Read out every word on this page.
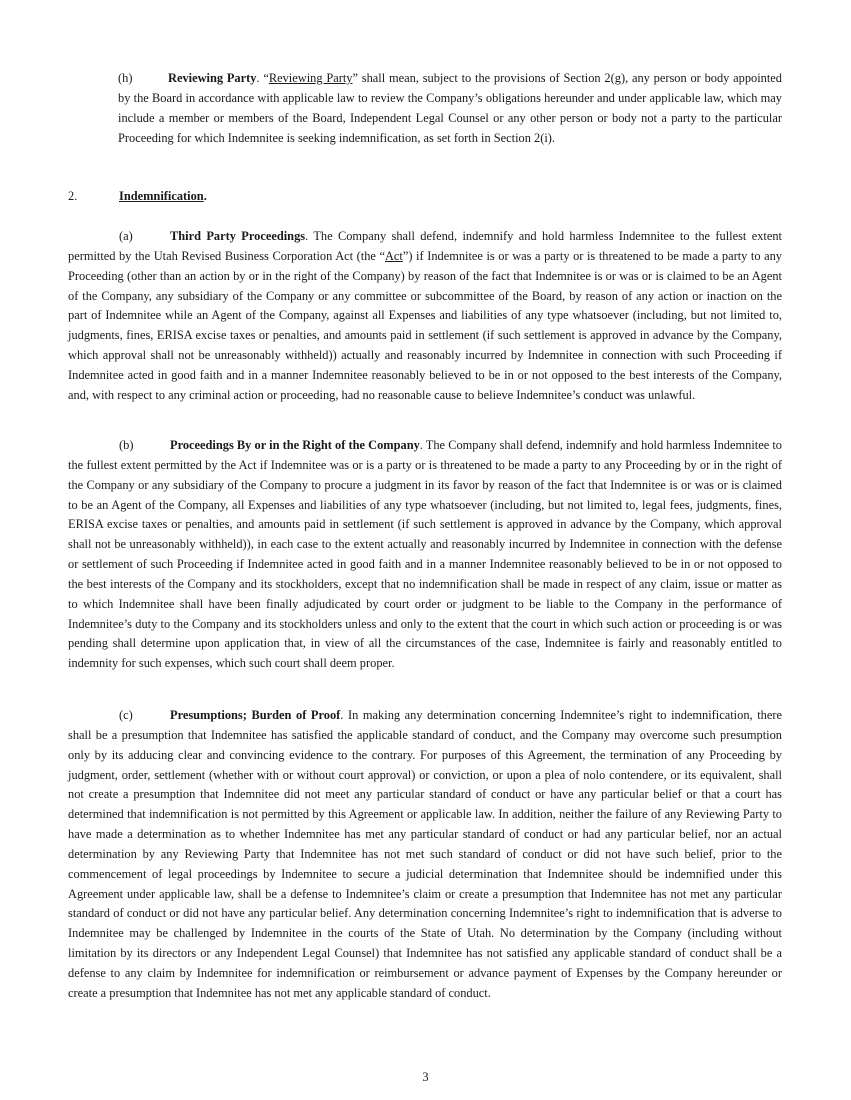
(h)	Reviewing Party. “Reviewing Party” shall mean, subject to the provisions of Section 2(g), any person or body appointed by the Board in accordance with applicable law to review the Company’s obligations hereunder and under applicable law, which may include a member or members of the Board, Independent Legal Counsel or any other person or body not a party to the particular Proceeding for which Indemnitee is seeking indemnification, as set forth in Section 2(i).

2.	Indemnification.

(a)	Third Party Proceedings. The Company shall defend, indemnify and hold harmless Indemnitee to the fullest extent permitted by the Utah Revised Business Corporation Act (the “Act”) if Indemnitee is or was a party or is threatened to be made a party to any Proceeding (other than an action by or in the right of the Company) by reason of the fact that Indemnitee is or was or is claimed to be an Agent of the Company, any subsidiary of the Company or any committee or subcommittee of the Board, by reason of any action or inaction on the part of Indemnitee while an Agent of the Company, against all Expenses and liabilities of any type whatsoever (including, but not limited to, judgments, fines, ERISA excise taxes or penalties, and amounts paid in settlement (if such settlement is approved in advance by the Company, which approval shall not be unreasonably withheld)) actually and reasonably incurred by Indemnitee in connection with such Proceeding if Indemnitee acted in good faith and in a manner Indemnitee reasonably believed to be in or not opposed to the best interests of the Company, and, with respect to any criminal action or proceeding, had no reasonable cause to believe Indemnitee’s conduct was unlawful.

(b)	Proceedings By or in the Right of the Company. The Company shall defend, indemnify and hold harmless Indemnitee to the fullest extent permitted by the Act if Indemnitee was or is a party or is threatened to be made a party to any Proceeding by or in the right of the Company or any subsidiary of the Company to procure a judgment in its favor by reason of the fact that Indemnitee is or was or is claimed to be an Agent of the Company, all Expenses and liabilities of any type whatsoever (including, but not limited to, legal fees, judgments, fines, ERISA excise taxes or penalties, and amounts paid in settlement (if such settlement is approved in advance by the Company, which approval shall not be unreasonably withheld)), in each case to the extent actually and reasonably incurred by Indemnitee in connection with the defense or settlement of such Proceeding if Indemnitee acted in good faith and in a manner Indemnitee reasonably believed to be in or not opposed to the best interests of the Company and its stockholders, except that no indemnification shall be made in respect of any claim, issue or matter as to which Indemnitee shall have been finally adjudicated by court order or judgment to be liable to the Company in the performance of Indemnitee’s duty to the Company and its stockholders unless and only to the extent that the court in which such action or proceeding is or was pending shall determine upon application that, in view of all the circumstances of the case, Indemnitee is fairly and reasonably entitled to indemnity for such expenses, which such court shall deem proper.

(c)	Presumptions; Burden of Proof. In making any determination concerning Indemnitee’s right to indemnification, there shall be a presumption that Indemnitee has satisfied the applicable standard of conduct, and the Company may overcome such presumption only by its adducing clear and convincing evidence to the contrary. For purposes of this Agreement, the termination of any Proceeding by judgment, order, settlement (whether with or without court approval) or conviction, or upon a plea of nolo contendere, or its equivalent, shall not create a presumption that Indemnitee did not meet any particular standard of conduct or have any particular belief or that a court has determined that indemnification is not permitted by this Agreement or applicable law. In addition, neither the failure of any Reviewing Party to have made a determination as to whether Indemnitee has met any particular standard of conduct or had any particular belief, nor an actual determination by any Reviewing Party that Indemnitee has not met such standard of conduct or did not have such belief, prior to the commencement of legal proceedings by Indemnitee to secure a judicial determination that Indemnitee should be indemnified under this Agreement under applicable law, shall be a defense to Indemnitee’s claim or create a presumption that Indemnitee has not met any particular standard of conduct or did not have any particular belief. Any determination concerning Indemnitee’s right to indemnification that is adverse to Indemnitee may be challenged by Indemnitee in the courts of the State of Utah. No determination by the Company (including without limitation by its directors or any Independent Legal Counsel) that Indemnitee has not satisfied any applicable standard of conduct shall be a defense to any claim by Indemnitee for indemnification or reimbursement or advance payment of Expenses by the Company hereunder or create a presumption that Indemnitee has not met any applicable standard of conduct.

3
